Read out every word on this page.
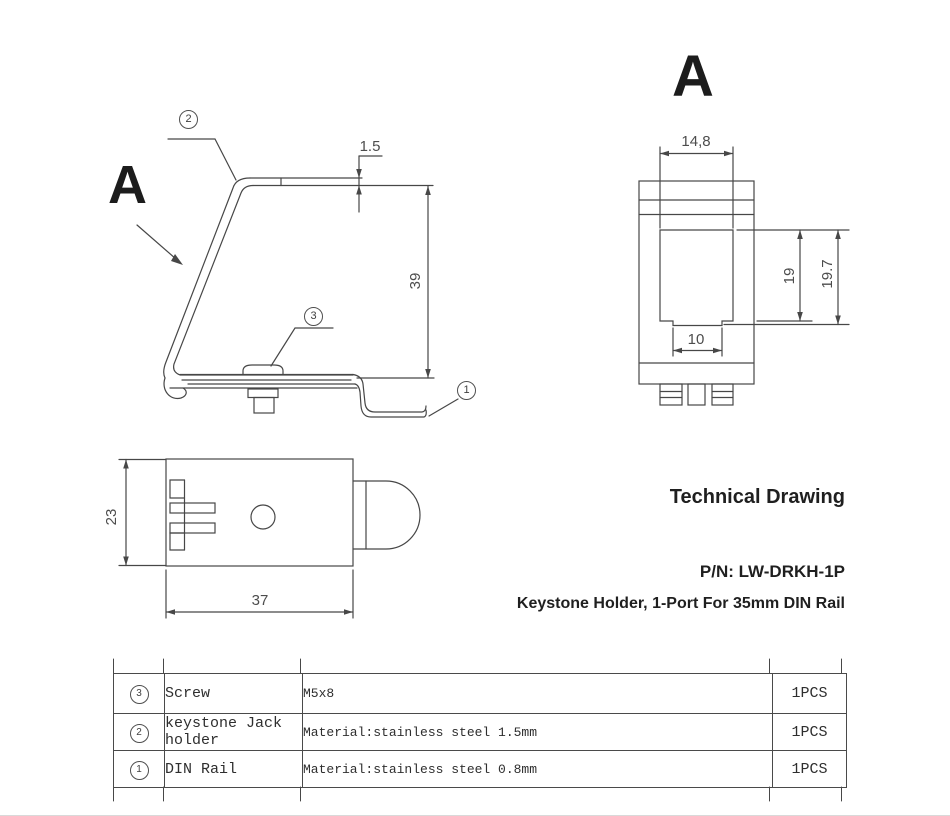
A
A
2
3
1
1.5
39
14,8
19 19.7
10
23
37
Technical Drawing
P/N: LW-DRKH-1P
Keystone Holder, 1-Port For 35mm DIN Rail
3	Screw	M5x8	1PCS
2	keystone Jack holder	Material:stainless steel 1.5mm	1PCS
1	DIN Rail	Material:stainless steel 0.8mm	1PCS
